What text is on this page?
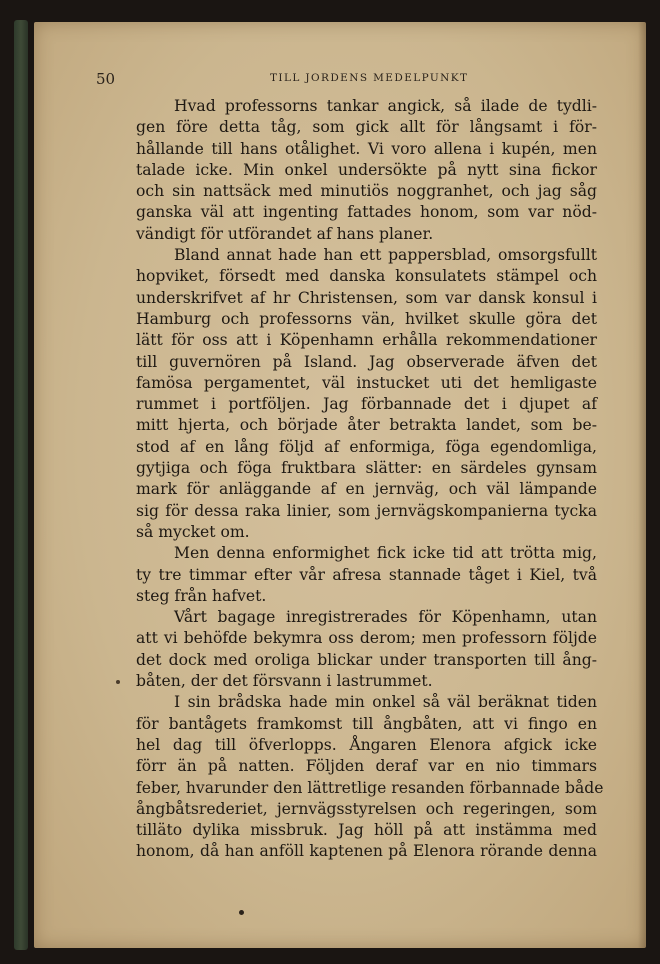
50	TILL JORDENS MEDELPUNKT
Hvad professorns tankar angick, så ilade de tydli-
gen före detta tåg, som gick allt för långsamt i för-
hållande till hans otålighet. Vi voro allena i kupén, men
talade icke. Min onkel undersökte på nytt sina fickor
och sin nattsäck med minutiös noggranhet, och jag såg
ganska väl att ingenting fattades honom, som var nöd-
vändigt för utförandet af hans planer.
Bland annat hade han ett pappersblad, omsorgsfullt
hopviket, försedt med danska konsulatets stämpel och
underskrifvet af hr Christensen, som var dansk konsul i
Hamburg och professorns vän, hvilket skulle göra det
lätt för oss att i Köpenhamn erhålla rekommendationer
till guvernören på Island. Jag observerade äfven det
famösa pergamentet, väl instucket uti det hemligaste
rummet i portföljen. Jag förbannade det i djupet af
mitt hjerta, och började åter betrakta landet, som be-
stod af en lång följd af enformiga, föga egendomliga,
gytjiga och föga fruktbara slätter: en särdeles gynsam
mark för anläggande af en jernväg, och väl lämpande
sig för dessa raka linier, som jernvägskompanierna tycka
så mycket om.
Men denna enformighet fick icke tid att trötta mig,
ty tre timmar efter vår afresa stannade tåget i Kiel, två
steg från hafvet.
Vårt bagage inregistrerades för Köpenhamn, utan
att vi behöfde bekymra oss derom; men professorn följde
det dock med oroliga blickar under transporten till ång-
båten, der det försvann i lastrummet.
I sin brådska hade min onkel så väl beräknat tiden
för bantågets framkomst till ångbåten, att vi fingo en
hel dag till öfverlopps. Ångaren Elenora afgick icke
förr än på natten. Följden deraf var en nio timmars
feber, hvarunder den lättretlige resanden förbannade både
ångbåtsrederiet, jernvägsstyrelsen och regeringen, som
tilläto dylika missbruk. Jag höll på att instämma med
honom, då han anföll kaptenen på Elenora rörande denna
